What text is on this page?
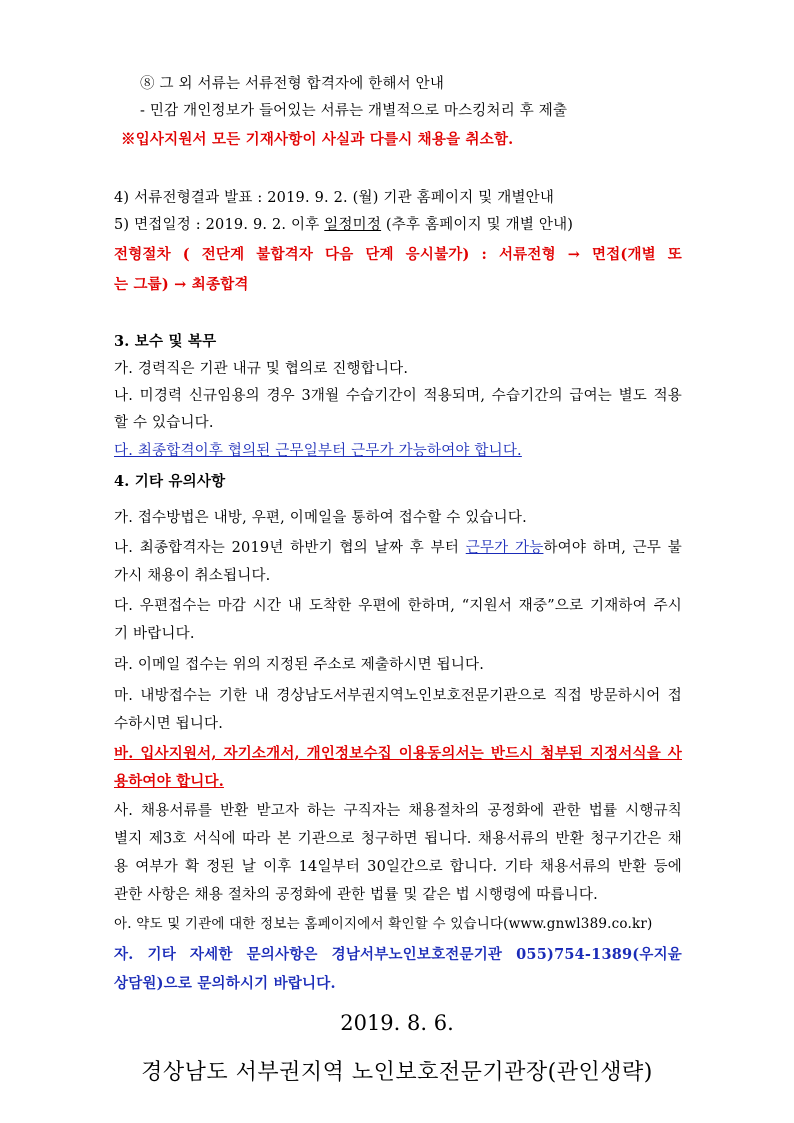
⑧ 그 외 서류는 서류전형 합격자에 한해서 안내
- 민감 개인정보가 들어있는 서류는 개별적으로 마스킹처리 후 제출
※입사지원서 모든 기재사항이 사실과 다를시 채용을 취소함.
4) 서류전형결과 발표 : 2019. 9. 2. (월) 기관 홈페이지 및 개별안내
5) 면접일정 : 2019. 9. 2. 이후 일정미정 (추후 홈페이지 및 개별 안내)
전형절차 ( 전단계 불합격자 다음 단계 응시불가) : 서류전형 → 면접(개별 또
는 그룹) → 최종합격
3. 보수 및 복무
가. 경력직은 기관 내규 및 협의로 진행합니다.
나. 미경력 신규임용의 경우 3개월 수습기간이 적용되며, 수습기간의 급여는 별도 적용
할 수 있습니다.
다. 최종합격이후 협의된 근무일부터 근무가 가능하여야 합니다.
4. 기타 유의사항
가. 접수방법은 내방, 우편, 이메일을 통하여 접수할 수 있습니다.
나. 최종합격자는 2019년 하반기 협의 날짜 후 부터 근무가 가능하여야 하며, 근무 불
가시 채용이 취소됩니다.
다. 우편접수는 마감 시간 내 도착한 우편에 한하며, “지원서 재중”으로 기재하여 주시
기 바랍니다.
라. 이메일 접수는 위의 지정된 주소로 제출하시면 됩니다.
마. 내방접수는 기한 내 경상남도서부권지역노인보호전문기관으로 직접 방문하시어 접
수하시면 됩니다.
바. 입사지원서, 자기소개서, 개인정보수집 이용동의서는 반드시 첨부된 지정서식을 사
용하여야 합니다.
사. 채용서류를 반환 받고자 하는 구직자는 채용절차의 공정화에 관한 법률 시행규칙
별지 제3호 서식에 따라 본 기관으로 청구하면 됩니다. 채용서류의 반환 청구기간은 채
용 여부가 확 정된 날 이후 14일부터 30일간으로 합니다. 기타 채용서류의 반환 등에
관한 사항은 채용 절차의 공정화에 관한 법률 및 같은 법 시행령에 따릅니다.
아. 약도 및 기관에 대한 정보는 홈페이지에서 확인할 수 있습니다(www.gnwl389.co.kr)
자. 기타 자세한 문의사항은 경남서부노인보호전문기관 055)754-1389(우지윤
상담원)으로 문의하시기 바랍니다.
2019. 8. 6.
경상남도 서부권지역 노인보호전문기관장(관인생략)
